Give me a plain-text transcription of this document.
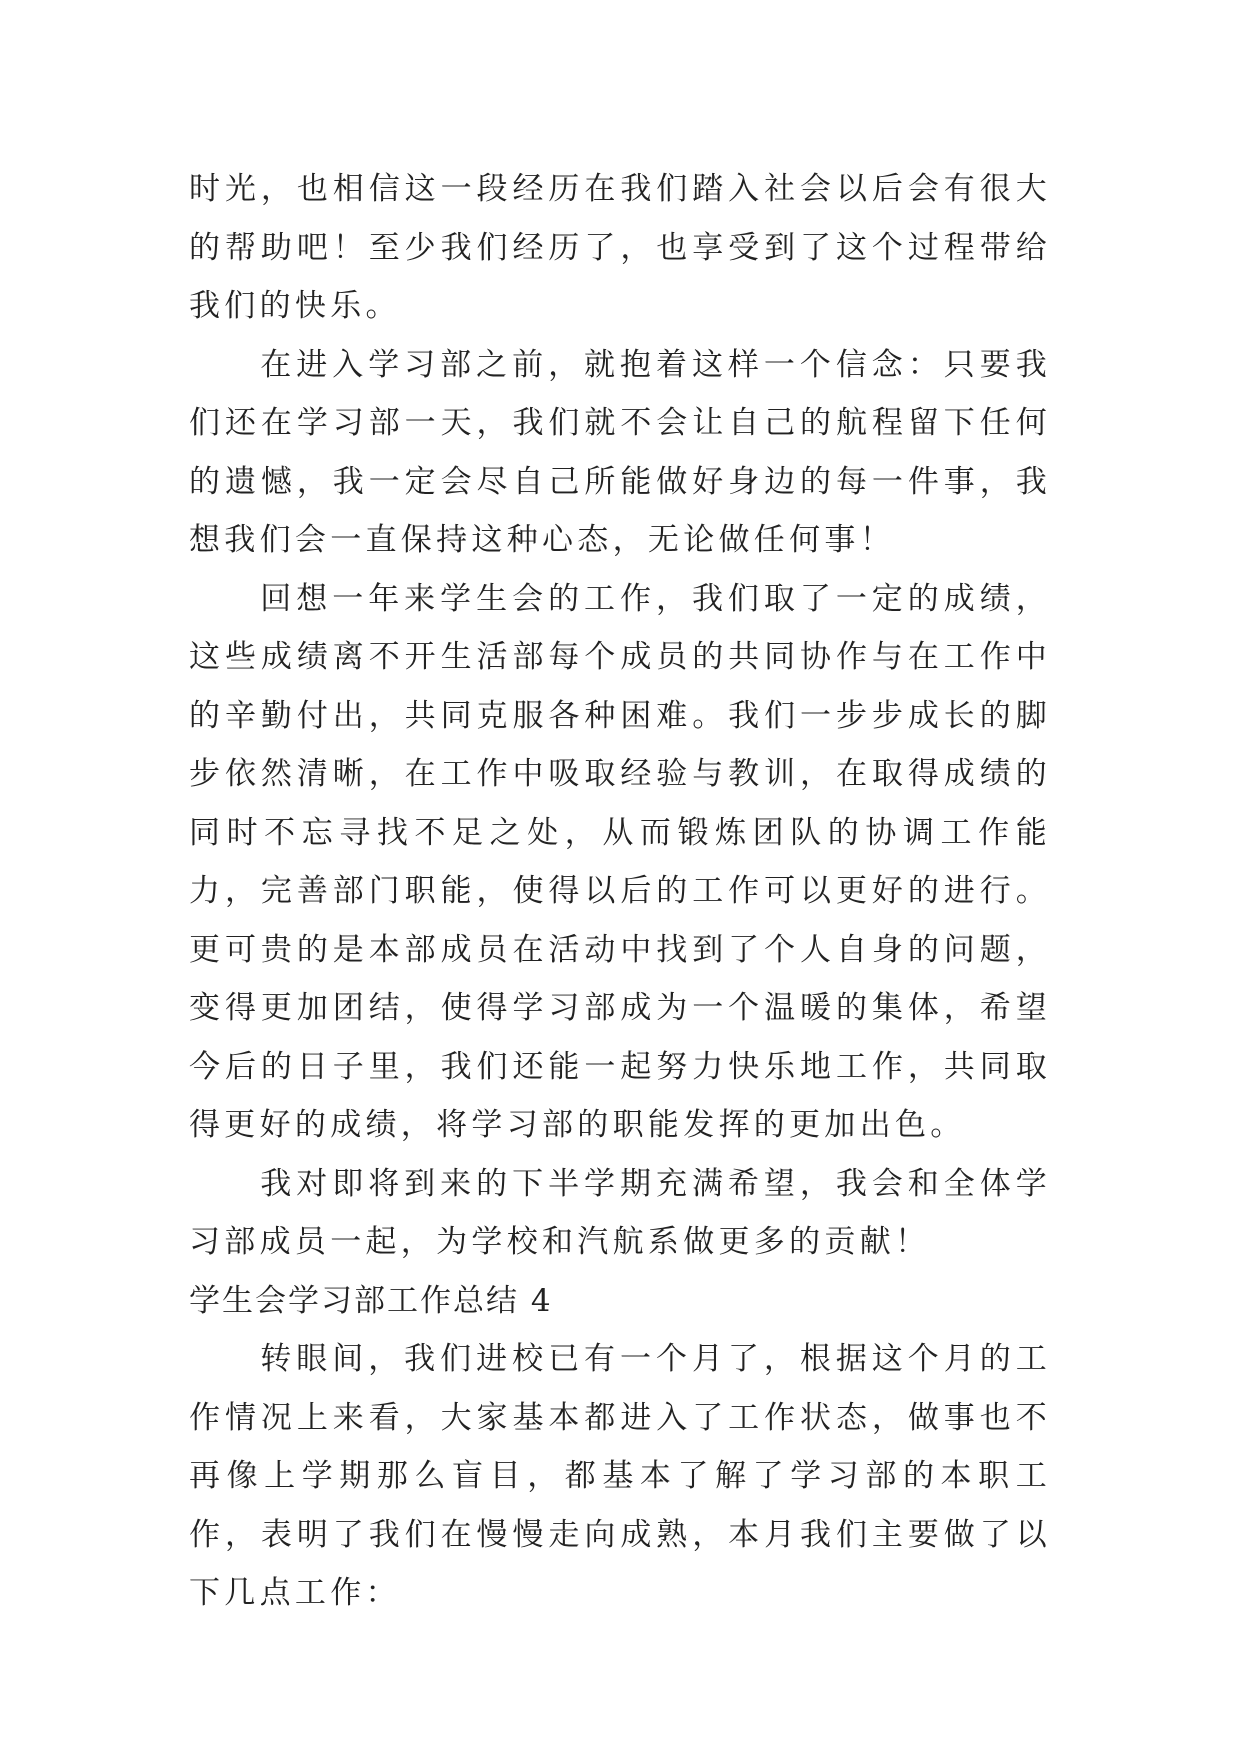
时光，也相信这一段经历在我们踏入社会以后会有很大的帮助吧！至少我们经历了，也享受到了这个过程带给我们的快乐。

在进入学习部之前，就抱着这样一个信念：只要我们还在学习部一天，我们就不会让自己的航程留下任何的遗憾，我一定会尽自己所能做好身边的每一件事，我想我们会一直保持这种心态，无论做任何事！

回想一年来学生会的工作，我们取了一定的成绩，这些成绩离不开生活部每个成员的共同协作与在工作中的辛勤付出，共同克服各种困难。我们一步步成长的脚步依然清晰，在工作中吸取经验与教训，在取得成绩的同时不忘寻找不足之处，从而锻炼团队的协调工作能力，完善部门职能，使得以后的工作可以更好的进行。更可贵的是本部成员在活动中找到了个人自身的问题，变得更加团结，使得学习部成为一个温暖的集体，希望今后的日子里，我们还能一起努力快乐地工作，共同取得更好的成绩，将学习部的职能发挥的更加出色。

我对即将到来的下半学期充满希望，我会和全体学习部成员一起，为学校和汽航系做更多的贡献！

学生会学习部工作总结 4

转眼间，我们进校已有一个月了，根据这个月的工作情况上来看，大家基本都进入了工作状态，做事也不再像上学期那么盲目，都基本了解了学习部的本职工作，表明了我们在慢慢走向成熟，本月我们主要做了以下几点工作：
